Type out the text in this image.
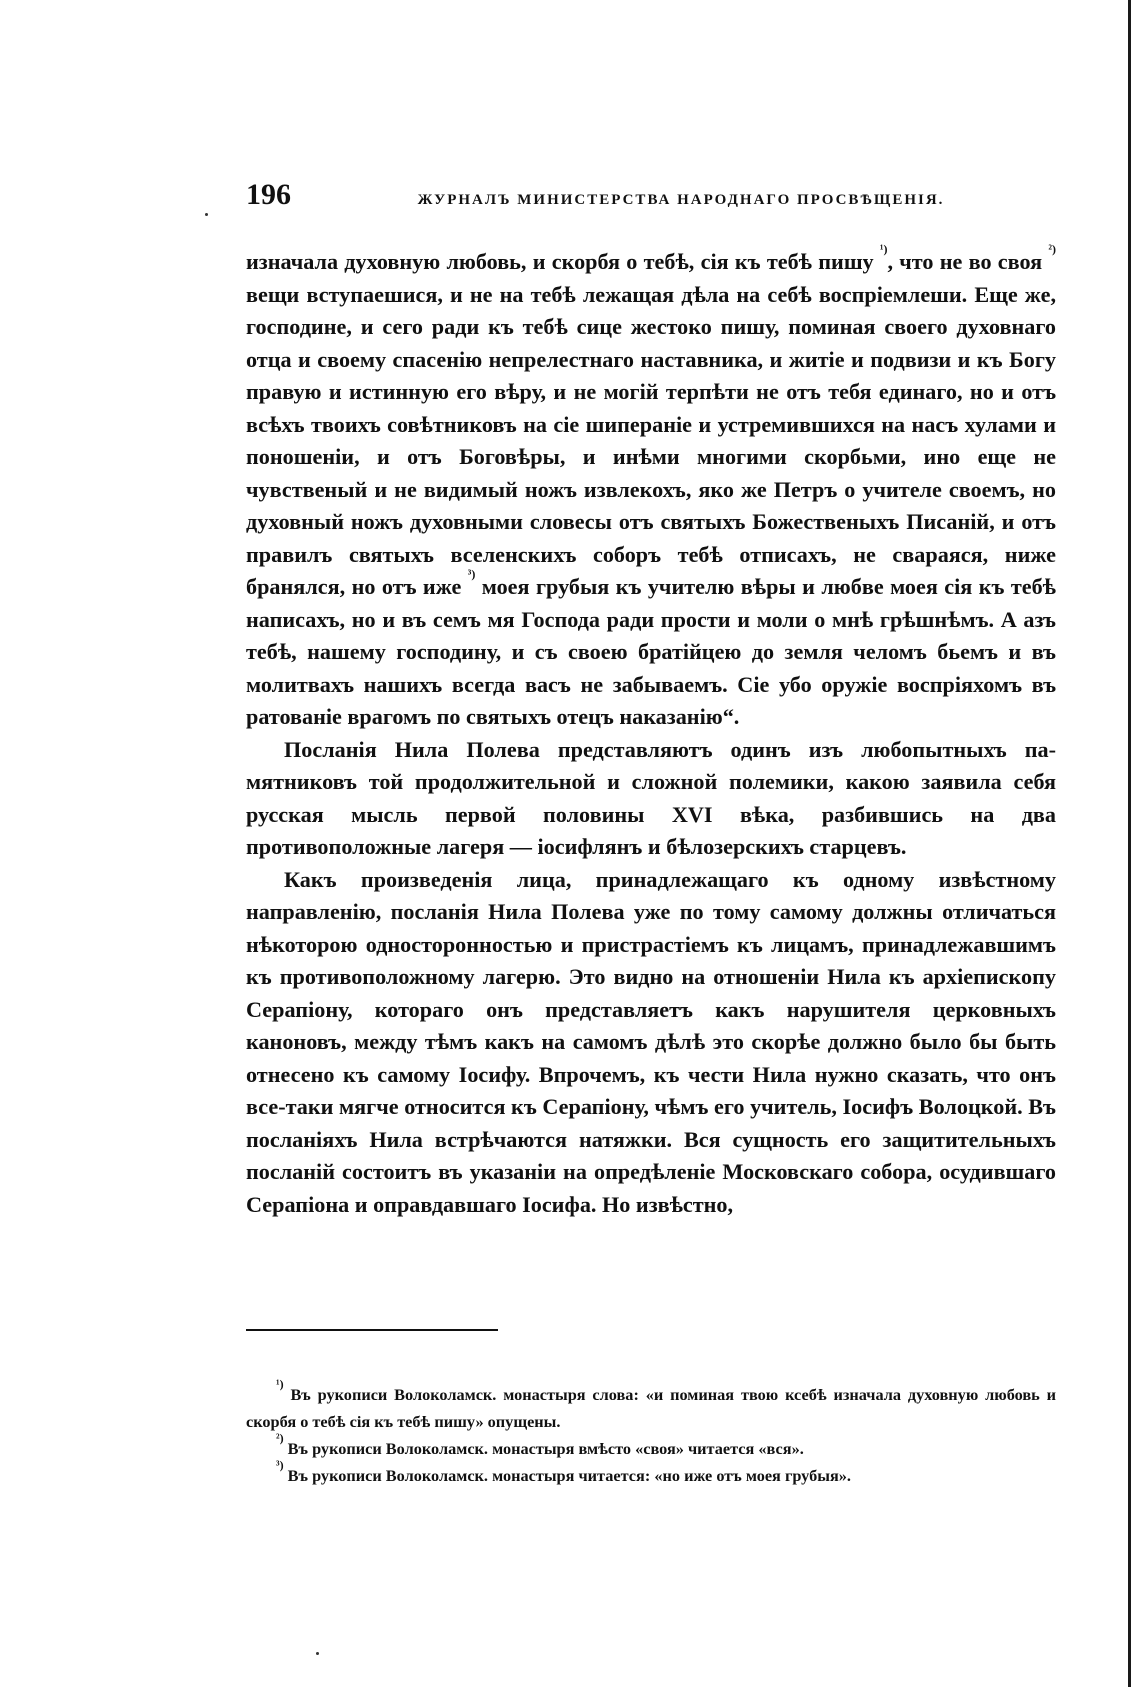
196	ЖУРНАЛЪ МИНИСТЕРСТВА НАРОДНАГО ПРОСВѢЩЕНІЯ.

изначала духовную любовь, и скорбя о тебѣ, сія къ тебѣ пишу $^{^1)}$, что не во своя $^{^2)}$ вещи вступаешися, и не на тебѣ лежащая дѣла на себѣ воспріемлеши. Еще же, господине, и сего ради къ тебѣ сице жестоко пишу, поминая своего духовнаго отца и своему спасенію непрелестнаго наставника, и житіе и подвизи и къ Богу правую и истинную его вѣру, и не могій терпѣти не отъ тебя единаго, но и отъ всѣхъ твоихъ совѣтниковъ на сіе шипераніе и устремившихся на насъ хулами и поношеніи, и отъ Боговѣры, и инѣми многими скорбьми, ино еще не чувственый и не видимый ножъ извлекохъ, яко же Петръ о учителе своемъ, но духовный ножъ духовными словесы отъ святыхъ Божественыхъ Писаній, и отъ правилъ святыхъ вселенскихъ соборъ тебѣ отписахъ, не свараяся, ниже бранялся, но отъ иже $^{^3)}$ моея грубыя къ учителю вѣры и любве моея сія къ тебѣ написахъ, но и въ семъ мя Господа ради прости и моли о мнѣ грѣшнѣмъ. А азъ тебѣ, нашему господину, и съ своею братійцею до земля челомъ бьемъ и въ молитвахъ нашихъ всегда васъ не забываемъ. Сіе убо оружіе воспріяхомъ въ ратованіе врагомъ по святыхъ отецъ наказанію“.

Посланія Нила Полева представляютъ одинъ изъ любопытныхъ памятниковъ той продолжительной и сложной полемики, какою заявила себя русская мысль первой половины XVI вѣка, разбившись на два противоположные лагеря — іосифлянъ и бѣлозерскихъ старцевъ.

Какъ произведенія лица, принадлежащаго къ одному извѣстному направленію, посланія Нила Полева уже по тому самому должны отличаться нѣкоторою односторонностью и пристрастіемъ къ лицамъ, принадлежавшимъ къ противоположному лагерю. Это видно на отношеніи Нила къ архіепископу Серапіону, котораго онъ представляетъ какъ нарушителя церковныхъ каноновъ, между тѣмъ какъ на самомъ дѣлѣ это скорѣе должно было бы быть отнесено къ самому Іосифу. Впрочемъ, къ чести Нила нужно сказать, что онъ все-таки мягче относится къ Серапіону, чѣмъ его учитель, Іосифъ Волоцкой. Въ посланіяхъ Нила встрѣчаются натяжки. Вся сущность его защитительныхъ посланій состоитъ въ указаніи на опредѣленіе Московскаго собора, осудившаго Серапіона и оправдавшаго Іосифа. Но извѣстно,

$^{^1)}$ Въ рукописи Волоколамск. монастыря слова: «и поминая твою ксебѣ изначала духовную любовь и скорбя о тебѣ сія къ тебѣ пишу» опущены.

$^{^2)}$ Въ рукописи Волоколамск. монастыря вмѣсто «своя» читается «вся».

$^{^3)}$ Въ рукописи Волоколамск. монастыря читается: «но иже отъ моея грубыя».
